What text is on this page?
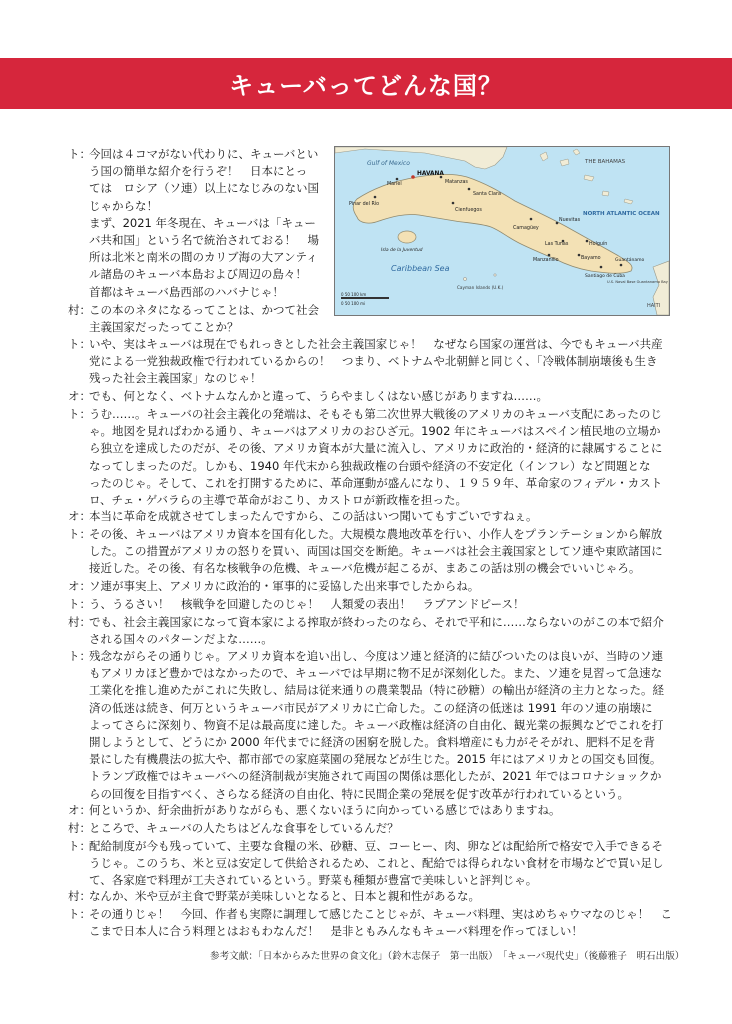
キューバってどんな国？
Gulf of Mexico	THE BAHAMAS
NORTH ATLANTIC OCEAN
Caribbean Sea
HAVANA
Mariel	Matanzas
Pinar del Río
Santa Clara
Cienfuegos
Isla de la Juventud
Camagüey
Nuevitas
Las Tunas	Holguín
Bayamo
Manzanillo	Guantánamo
Santiago de Cuba
U.S. Naval Base Guantanamo Bay
Cayman Islands (U.K.)
HAITI
0 50 100 km
0 50 100 mi
ト：
今回は４コマがない代わりに、キューバとい
う国の簡単な紹介を行うぞ！　日本にとっ
ては　ロシア（ソ連）以上になじみのない国
じゃからな！
まず、2021 年冬現在、キューバは「キュー
バ共和国」という名で統治されておる！　場
所は北米と南米の間のカリブ海の大アンティ
ル諸島のキューバ本島および周辺の島々！
首都はキューバ島西部のハバナじゃ！
村：
この本のネタになるってことは、かつて社会
主義国家だったってことか？
ト：
いや、実はキューバは現在でもれっきとした社会主義国家じゃ！　なぜなら国家の運営は、今でもキューバ共産
党による一党独裁政権で行われているからの！　つまり、ベトナムや北朝鮮と同じく、「冷戦体制崩壊後も生き
残った社会主義国家」なのじゃ！
オ：
でも、何となく、ベトナムなんかと違って、うらやましくはない感じがありますね……。
ト：
うむ……。キューバの社会主義化の発端は、そもそも第二次世界大戦後のアメリカのキューバ支配にあったのじ
ゃ。地図を見ればわかる通り、キューバはアメリカのおひざ元。1902 年にキューバはスペイン植民地の立場か
ら独立を達成したのだが、その後、アメリカ資本が大量に流入し、アメリカに政治的・経済的に隷属することに
なってしまったのだ。しかも、1940 年代末から独裁政権の台頭や経済の不安定化（インフレ）など問題とな
ったのじゃ。そして、これを打開するために、革命運動が盛んになり、１９５９年、革命家のフィデル・カスト
ロ、チェ・ゲバラらの主導で革命がおこり、カストロが新政権を担った。
オ：
本当に革命を成就させてしまったんですから、この話はいつ聞いてもすごいですねぇ。
ト：
その後、キューバはアメリカ資本を国有化した。大規模な農地改革を行い、小作人をプランテーションから解放
した。この措置がアメリカの怒りを買い、両国は国交を断絶。キューバは社会主義国家としてソ連や東欧諸国に
接近した。その後、有名な核戦争の危機、キューバ危機が起こるが、まあこの話は別の機会でいいじゃろ。
オ：
ソ連が事実上、アメリカに政治的・軍事的に妥協した出来事でしたからね。
ト：
う、うるさい！　核戦争を回避したのじゃ！　人類愛の表出！　ラブアンドピース！
村：
でも、社会主義国家になって資本家による搾取が終わったのなら、それで平和に……ならないのがこの本で紹介
される国々のパターンだよな……。
ト：
残念ながらその通りじゃ。アメリカ資本を追い出し、今度はソ連と経済的に結びついたのは良いが、当時のソ連
もアメリカほど豊かではなかったので、キューバでは早期に物不足が深刻化した。また、ソ連を見習って急速な
工業化を推し進めたがこれに失敗し、結局は従来通りの農業製品（特に砂糖）の輸出が経済の主力となった。経
済の低迷は続き、何万というキューバ市民がアメリカに亡命した。この経済の低迷は 1991 年のソ連の崩壊に
よってさらに深刻り、物資不足は最高度に達した。キューバ政権は経済の自由化、観光業の振興などでこれを打
開しようとして、どうにか 2000 年代までに経済の困窮を脱した。食料増産にも力がそそがれ、肥料不足を背
景にした有機農法の拡大や、都市部での家庭菜園の発展などが生じた。2015 年にはアメリカとの国交も回復。
トランプ政権ではキューバへの経済制裁が実施されて両国の関係は悪化したが、2021 年ではコロナショックか
らの回復を目指すべく、さらなる経済の自由化、特に民間企業の発展を促す改革が行われているという。
オ：
何というか、紆余曲折がありながらも、悪くないほうに向かっている感じではありますね。
村：
ところで、キューバの人たちはどんな食事をしているんだ？
ト：
配給制度が今も残っていて、主要な食糧の米、砂糖、豆、コーヒー、肉、卵などは配給所で格安で入手できるそ
うじゃ。このうち、米と豆は安定して供給されるため、これと、配給では得られない食材を市場などで買い足し
て、各家庭で料理が工夫されているという。野菜も種類が豊富で美味しいと評判じゃ。
村：
なんか、米や豆が主食で野菜が美味しいとなると、日本と親和性があるな。
ト：
その通りじゃ！　今回、作者も実際に調理して感じたことじゃが、キューバ料理、実はめちゃウマなのじゃ！　こ
こまで日本人に合う料理とはおもわなんだ！　是非ともみんなもキューバ料理を作ってほしい！
参考文献：「日本からみた世界の食文化」（鈴木志保子　第一出版）　「キューバ現代史」（後藤雅子　明石出版）
